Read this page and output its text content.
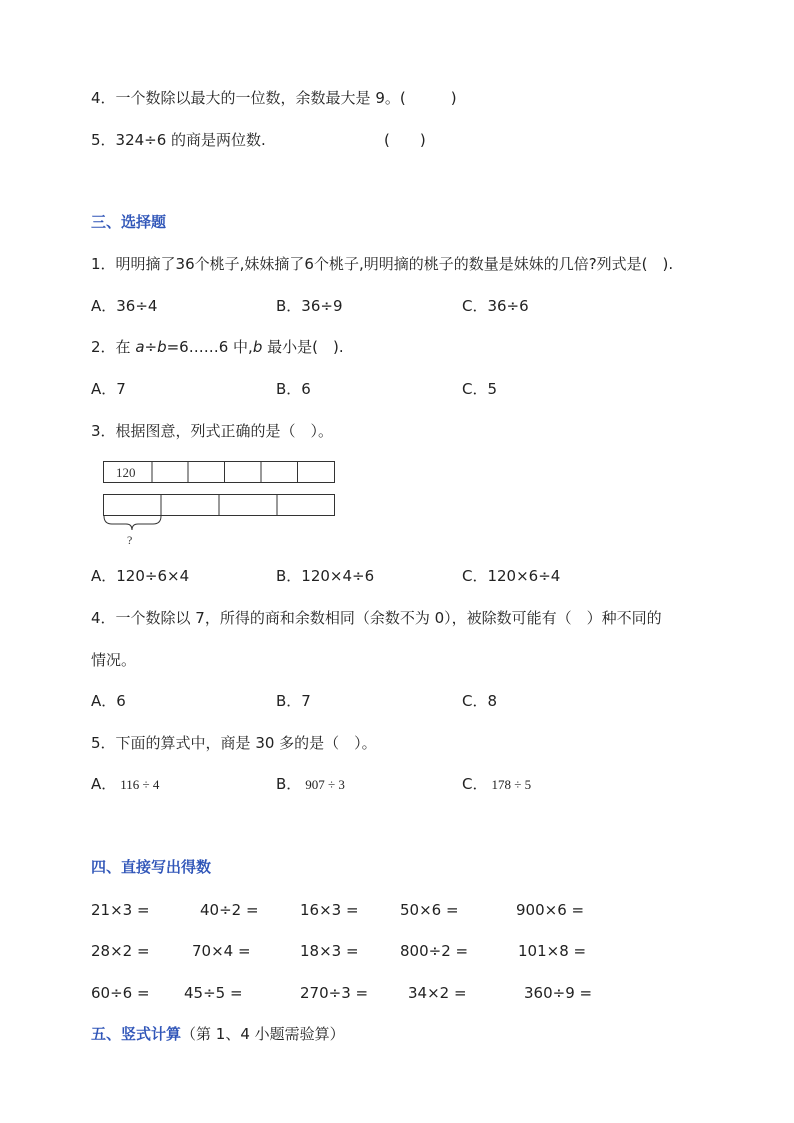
4．一个数除以最大的一位数，余数最大是 9。(　　　)
5．324÷6 的商是两位数.	(　　)
三、选择题
1．明明摘了36个桃子,妹妹摘了6个桃子,明明摘的桃子的数量是妹妹的几倍?列式是(　).
A．36÷4	B．36÷9	C．36÷6
2．在 a÷b=6……6 中,b 最小是(　).
A．7	B．6	C．5
3．根据图意，列式正确的是（　）。
120
?
A．120÷6×4	B．120×4÷6	C．120×6÷4
4．一个数除以 7，所得的商和余数相同（余数不为 0），被除数可能有（　）种不同的
情况。
A．6	B．7	C．8
5．下面的算式中，商是 30 多的是（　）。
A． 116 ÷ 4	B． 907 ÷ 3	C． 178 ÷ 5
四、直接写出得数
21×3 =	40÷2 =	16×3 =	50×6 =	900×6 =
28×2 =	70×4 =	18×3 =	800÷2 =	101×8 =
60÷6 = 45÷5 =	270÷3 =	34×2 =	360÷9 =
五、竖式计算（第 1、4 小题需验算）
